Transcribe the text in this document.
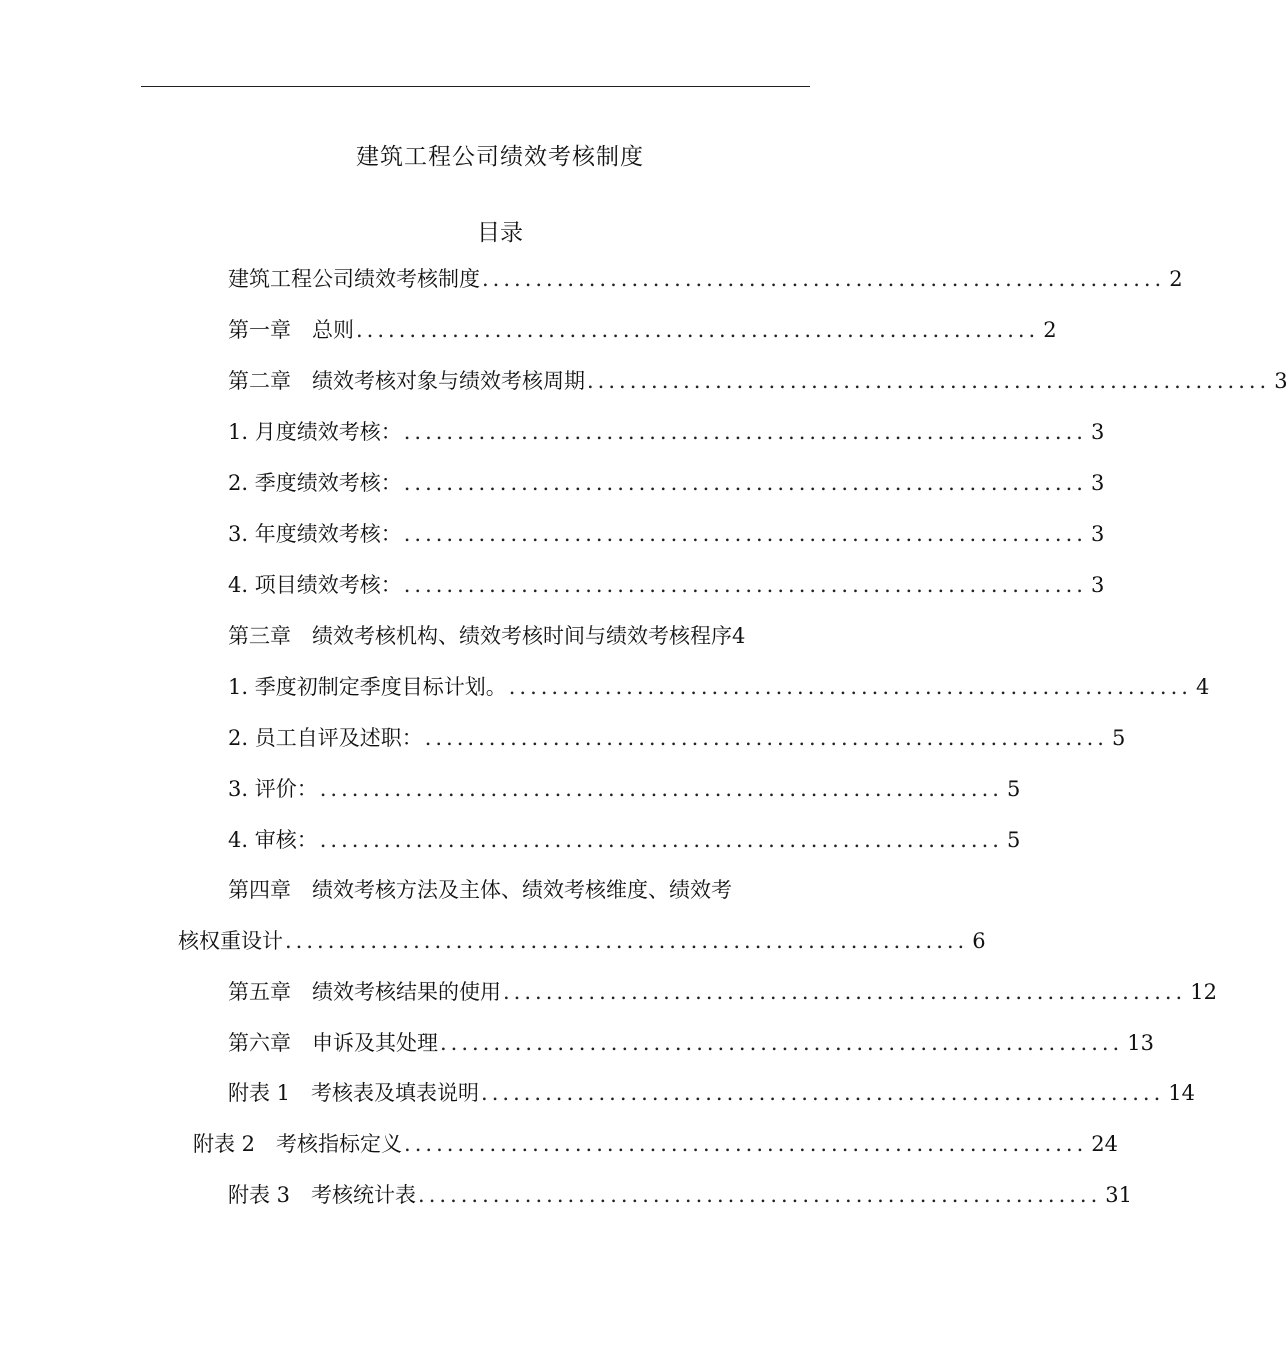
建筑工程公司绩效考核制度
目录
建筑工程公司绩效考核制度 ................................................................ 2
第一章　总则 ................................................................ 2
第二章　绩效考核对象与绩效考核周期 ................................................................ 3
1. 月度绩效考核： ................................................................ 3
2. 季度绩效考核： ................................................................ 3
3. 年度绩效考核： ................................................................ 3
4. 项目绩效考核： ................................................................ 3
第三章　绩效考核机构、绩效考核时间与绩效考核程序4
1. 季度初制定季度目标计划。 ................................................................ 4
2. 员工自评及述职： ................................................................ 5
3. 评价： ................................................................ 5
4. 审核： ................................................................ 5
第四章　绩效考核方法及主体、绩效考核维度、绩效考
核权重设计 ................................................................ 6
第五章　绩效考核结果的使用 ................................................................ 12
第六章　申诉及其处理 ................................................................ 13
附表 1　考核表及填表说明 ................................................................ 14
附表 2　考核指标定义 ................................................................ 24
附表 3　考核统计表 ................................................................ 31
